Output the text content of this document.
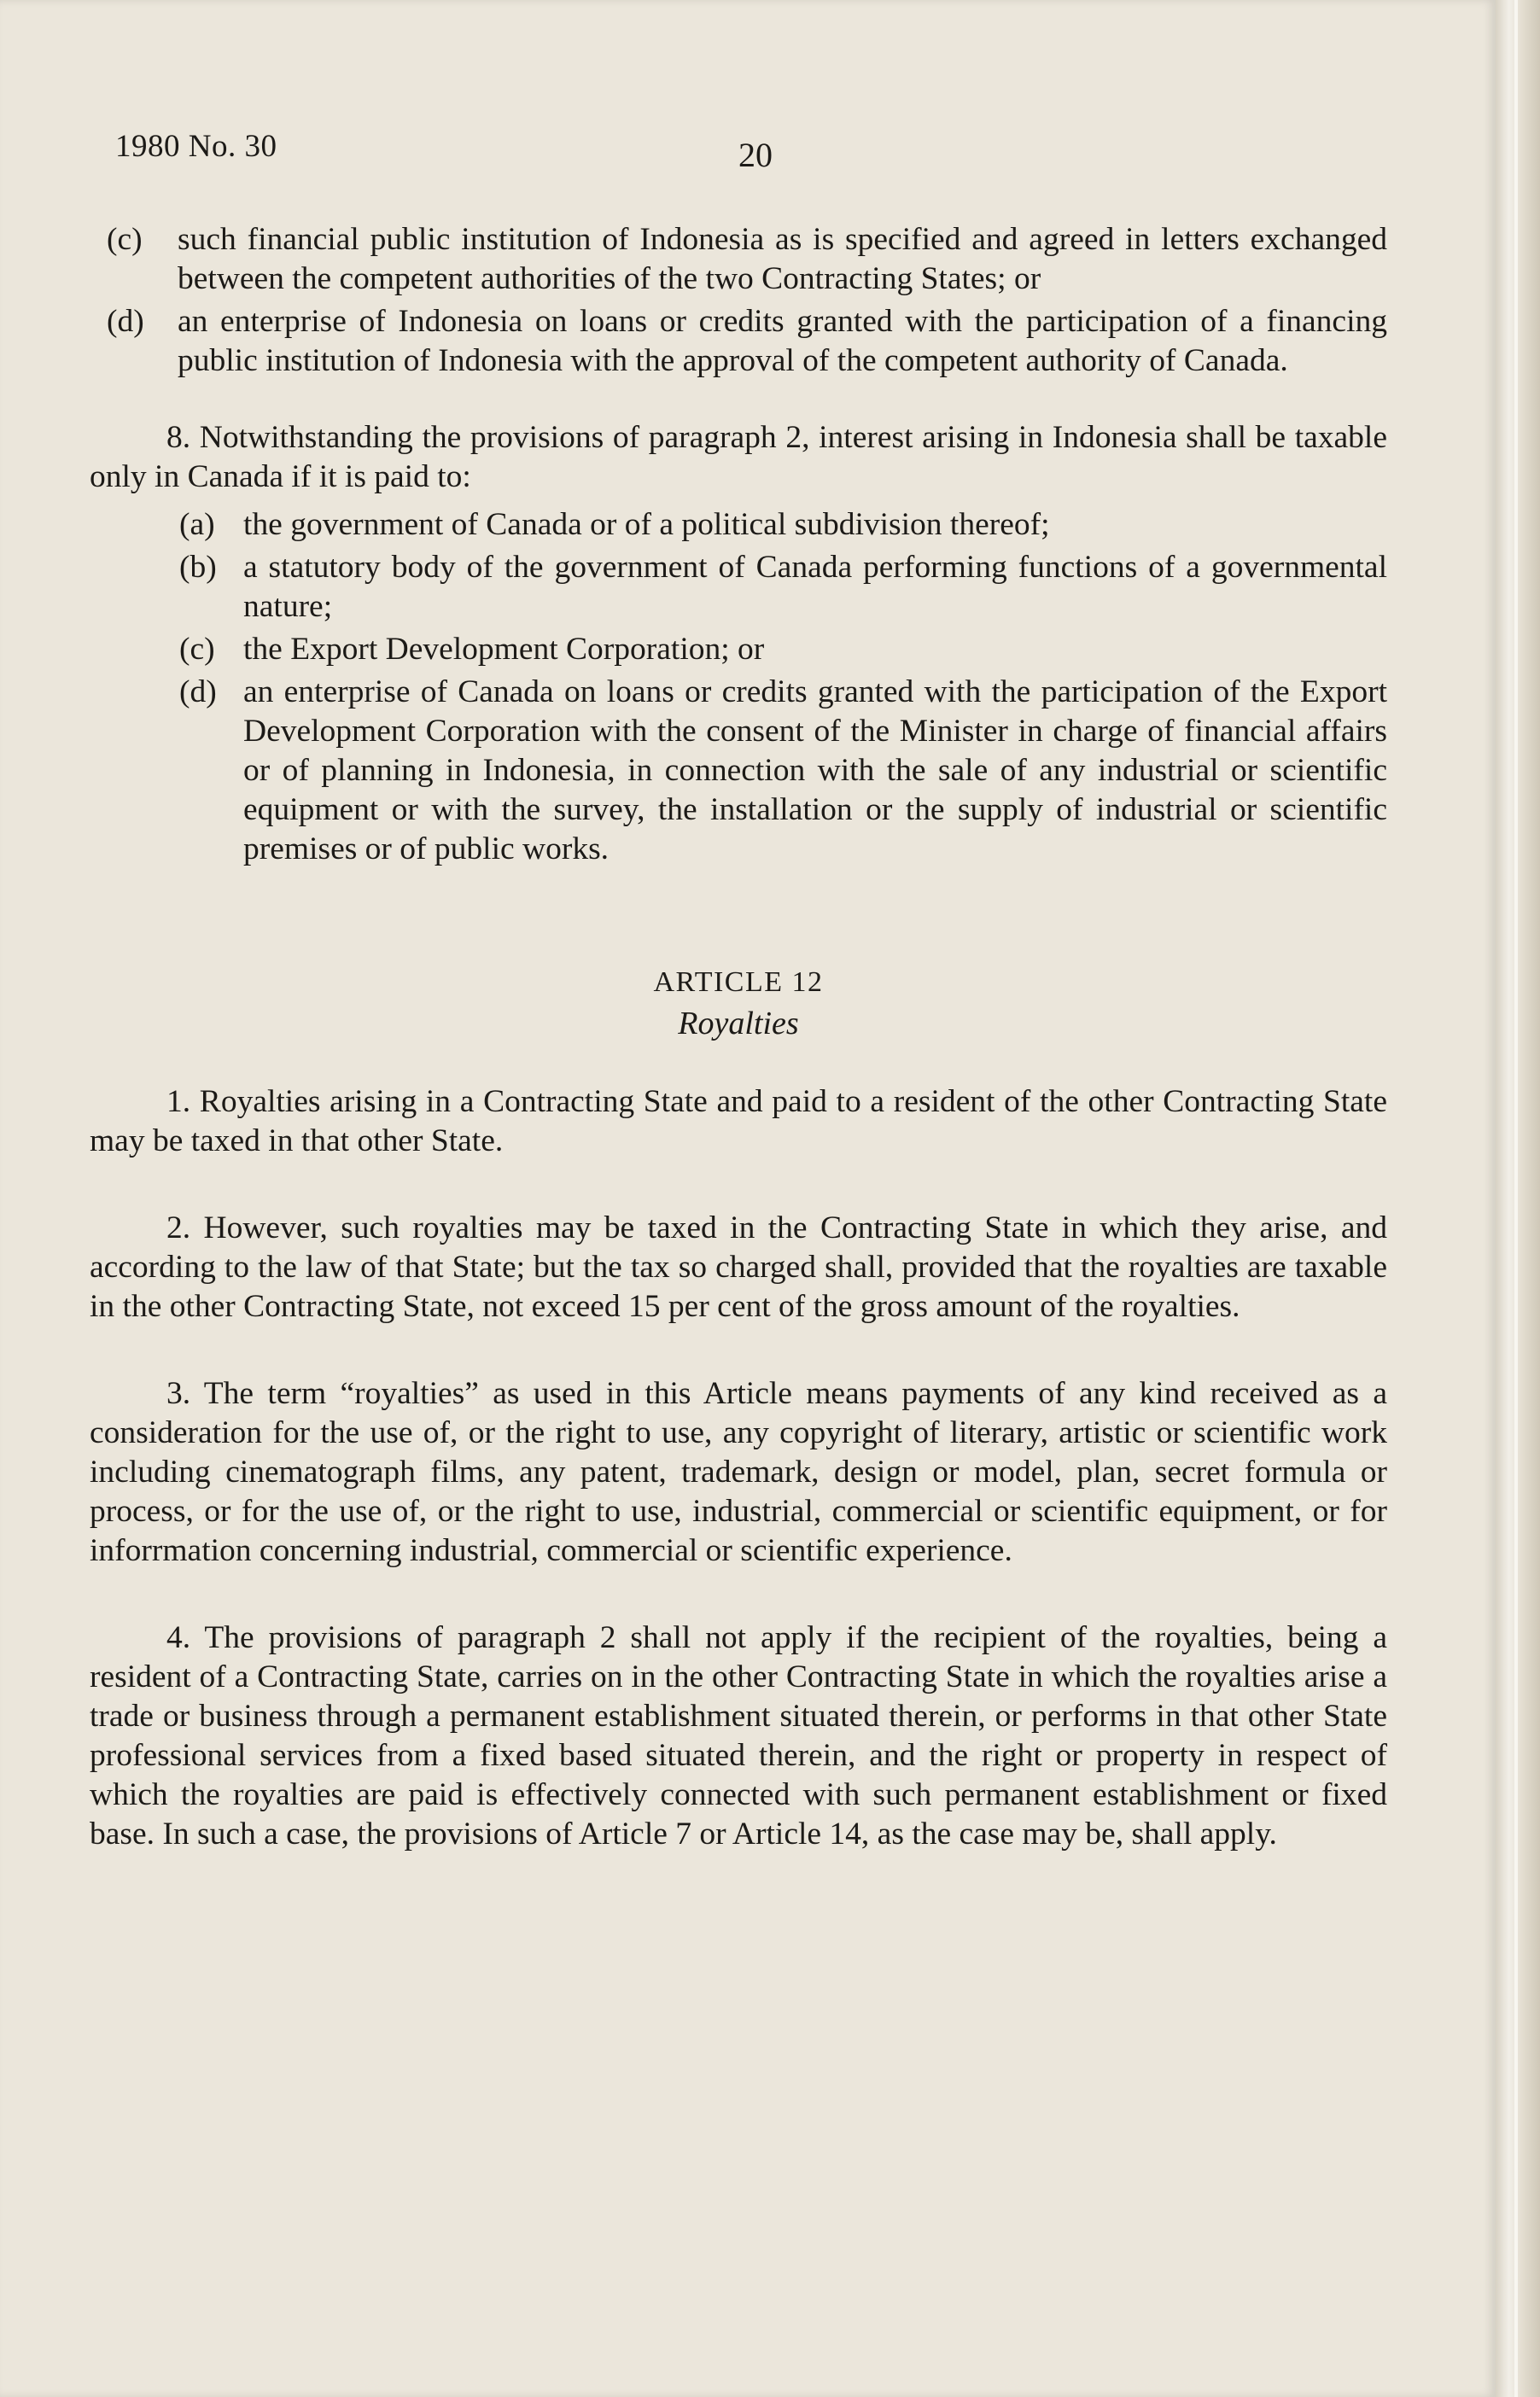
1980 No. 30	20
(c) such financial public institution of Indonesia as is specified and agreed in letters exchanged between the competent authorities of the two Contracting States; or
(d) an enterprise of Indonesia on loans or credits granted with the participation of a financing public institution of Indonesia with the approval of the competent authority of Canada.

8. Notwithstanding the provisions of paragraph 2, interest arising in Indonesia shall be taxable only in Canada if it is paid to:

(a) the government of Canada or of a political subdivision thereof;
(b) a statutory body of the government of Canada performing functions of a governmental nature;
(c) the Export Development Corporation; or
(d) an enterprise of Canada on loans or credits granted with the participation of the Export Development Corporation with the consent of the Minister in charge of financial affairs or of planning in Indonesia, in connection with the sale of any industrial or scientific equipment or with the survey, the installation or the supply of industrial or scientific premises or of public works.
ARTICLE 12
Royalties

1. Royalties arising in a Contracting State and paid to a resident of the other Contracting State may be taxed in that other State.

2. However, such royalties may be taxed in the Contracting State in which they arise, and according to the law of that State; but the tax so charged shall, provided that the royalties are taxable in the other Contracting State, not exceed 15 per cent of the gross amount of the royalties.

3. The term “royalties” as used in this Article means payments of any kind received as a consideration for the use of, or the right to use, any copyright of literary, artistic or scientific work including cinematograph films, any patent, trademark, design or model, plan, secret formula or process, or for the use of, or the right to use, industrial, commercial or scientific equipment, or for inforrmation concerning industrial, commercial or scientific experience.

4. The provisions of paragraph 2 shall not apply if the recipient of the royalties, being a resident of a Contracting State, carries on in the other Contracting State in which the royalties arise a trade or business through a permanent establishment situated therein, or performs in that other State professional services from a fixed based situated therein, and the right or property in respect of which the royalties are paid is effectively connected with such permanent establishment or fixed base. In such a case, the provisions of Article 7 or Article 14, as the case may be, shall apply.
